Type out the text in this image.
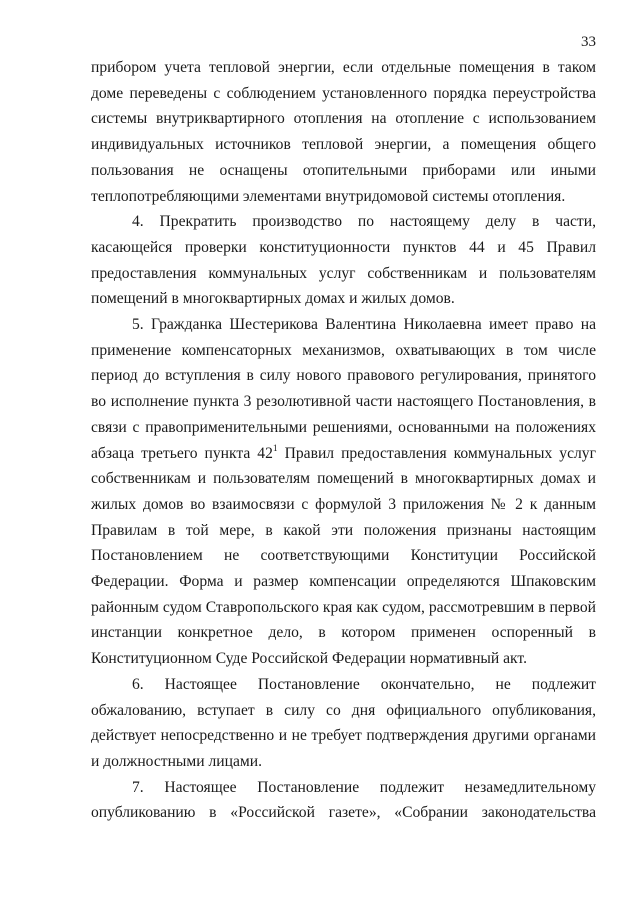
33

прибором учета тепловой энергии, если отдельные помещения в таком доме переведены с соблюдением установленного порядка переустройства системы внутриквартирного отопления на отопление с использованием индивидуальных источников тепловой энергии, а помещения общего пользования не оснащены отопительными приборами или иными теплопотребляющими элементами внутридомовой системы отопления.

4. Прекратить производство по настоящему делу в части, касающейся проверки конституционности пунктов 44 и 45 Правил предоставления коммунальных услуг собственникам и пользователям помещений в многоквартирных домах и жилых домов.

5. Гражданка Шестерикова Валентина Николаевна имеет право на применение компенсаторных механизмов, охватывающих в том числе период до вступления в силу нового правового регулирования, принятого во исполнение пункта 3 резолютивной части настоящего Постановления, в связи с правоприменительными решениями, основанными на положениях абзаца третьего пункта $42^1$ Правил предоставления коммунальных услуг собственникам и пользователям помещений в многоквартирных домах и жилых домов во взаимосвязи с формулой 3 приложения № 2 к данным Правилам в той мере, в какой эти положения признаны настоящим Постановлением не соответствующими Конституции Российской Федерации. Форма и размер компенсации определяются Шпаковским районным судом Ставропольского края как судом, рассмотревшим в первой инстанции конкретное дело, в котором применен оспоренный в Конституционном Суде Российской Федерации нормативный акт.

6. Настоящее Постановление окончательно, не подлежит обжалованию, вступает в силу со дня официального опубликования, действует непосредственно и не требует подтверждения другими органами и должностными лицами.

7. Настоящее Постановление подлежит незамедлительному опубликованию в «Российской газете», «Собрании законодательства
